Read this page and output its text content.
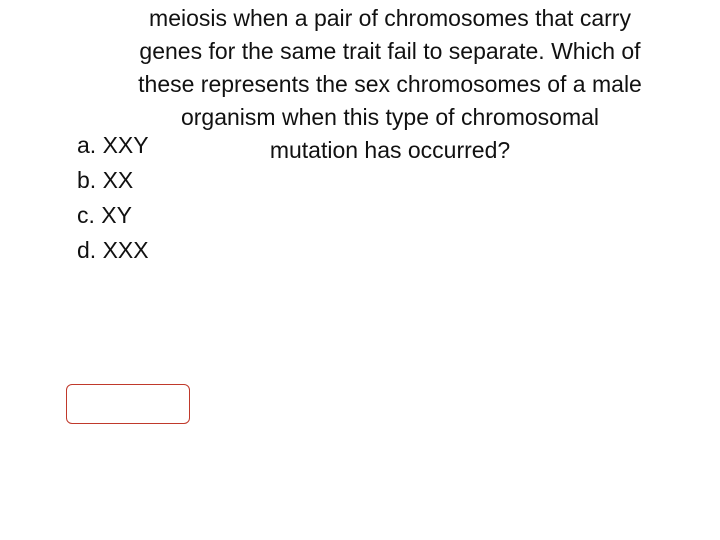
meiosis when a pair of chromosomes that carry
genes for the same trait fail to separate. Which of
these represents the sex chromosomes of a male
organism when this type of chromosomal
mutation has occurred?
a. XXY
b. XX
c. XY
d. XXX
